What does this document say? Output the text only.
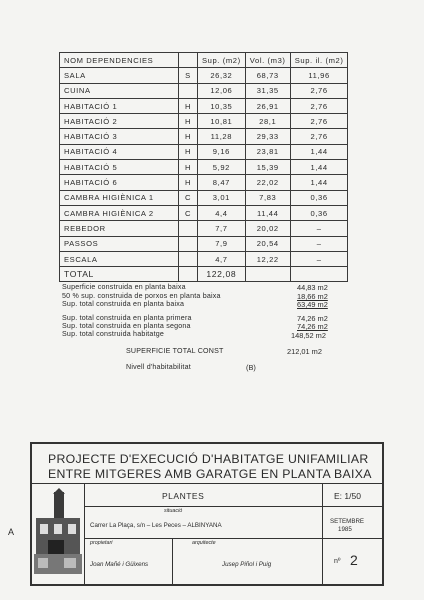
NOM DEPENDENCIES		Sup. (m2)	Vol. (m3)	Sup. il. (m2)
SALA	S	26,32	68,73	11,96
CUINA		12,06	31,35	2,76
HABITACIÓ 1	H	10,35	26,91	2,76
HABITACIÓ 2	H	10,81	28,1	2,76
HABITACIÓ 3	H	11,28	29,33	2,76
HABITACIÓ 4	H	9,16	23,81	1,44
HABITACIÓ 5	H	5,92	15,39	1,44
HABITACIÓ 6	H	8,47	22,02	1,44
CAMBRA HIGIÈNICA 1	C	3,01	7,83	0,36
CAMBRA HIGIÈNICA 2	C	4,4	11,44	0,36
REBEDOR		7,7	20,02	–
PASSOS		7,9	20,54	–
ESCALA		4,7	12,22	–
TOTAL		122,08		
Superficie construida en planta baixa	44,83 m2
50 % sup. construida de porxos en planta baixa	18,66 m2
Sup. total construida en planta baixa	63,49 m2
Sup. total construida en planta primera	74,26 m2
Sup. total construida en planta segona	74,26 m2
Sup. total construida habitatge	148,52 m2
SUPERFICIE TOTAL CONST	212,01 m2
Nivell d'habitabilitat	(B)
A
PROJECTE D'EXECUCIÓ D'HABITATGE UNIFAMILIAR
ENTRE MITGERES AMB GARATGE EN PLANTA BAIXA
PLANTES	E: 1/50
situació
Carrer La Plaça, s/n – Les Peces – ALBINYANA
SETEMBRE
1985
propietari	arquitecte
Joan Mañé i Güixens	Jusep Piñol i Puig	nº 2
